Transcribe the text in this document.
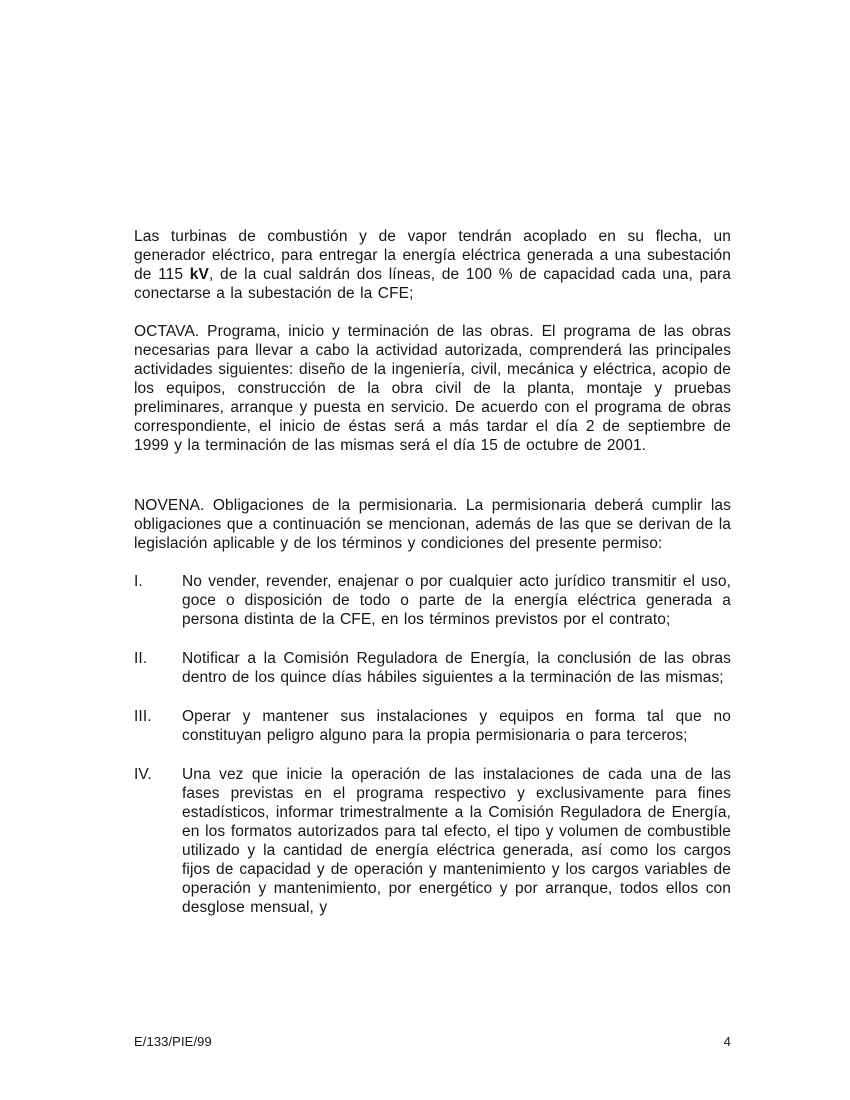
Las turbinas de combustión y de vapor tendrán acoplado en su flecha, un generador eléctrico, para entregar la energía eléctrica generada a una subestación de 115 kV, de la cual saldrán dos líneas, de 100 % de capacidad cada una, para conectarse a la subestación de la CFE;

OCTAVA. Programa, inicio y terminación de las obras. El programa de las obras necesarias para llevar a cabo la actividad autorizada, comprenderá las principales actividades siguientes: diseño de la ingeniería, civil, mecánica y eléctrica, acopio de los equipos, construcción de la obra civil de la planta, montaje y pruebas preliminares, arranque y puesta en servicio. De acuerdo con el programa de obras correspondiente, el inicio de éstas será a más tardar el día 2 de septiembre de 1999 y la terminación de las mismas será el día 15 de octubre de 2001.

NOVENA. Obligaciones de la permisionaria. La permisionaria deberá cumplir las obligaciones que a continuación se mencionan, además de las que se derivan de la legislación aplicable y de los términos y condiciones del presente permiso:

I.	No vender, revender, enajenar o por cualquier acto jurídico transmitir el uso, goce o disposición de todo o parte de la energía eléctrica generada a persona distinta de la CFE, en los términos previstos por el contrato;
II.	Notificar a la Comisión Reguladora de Energía, la conclusión de las obras dentro de los quince días hábiles siguientes a la terminación de las mismas;
III.	Operar y mantener sus instalaciones y equipos en forma tal que no constituyan peligro alguno para la propia permisionaria o para terceros;
IV.	Una vez que inicie la operación de las instalaciones de cada una de las fases previstas en el programa respectivo y exclusivamente para fines estadísticos, informar trimestralmente a la Comisión Reguladora de Energía, en los formatos autorizados para tal efecto, el tipo y volumen de combustible utilizado y la cantidad de energía eléctrica generada, así como los cargos fijos de capacidad y de operación y mantenimiento y los cargos variables de operación y mantenimiento, por energético y por arranque, todos ellos con desglose mensual, y
E/133/PIE/99	4
